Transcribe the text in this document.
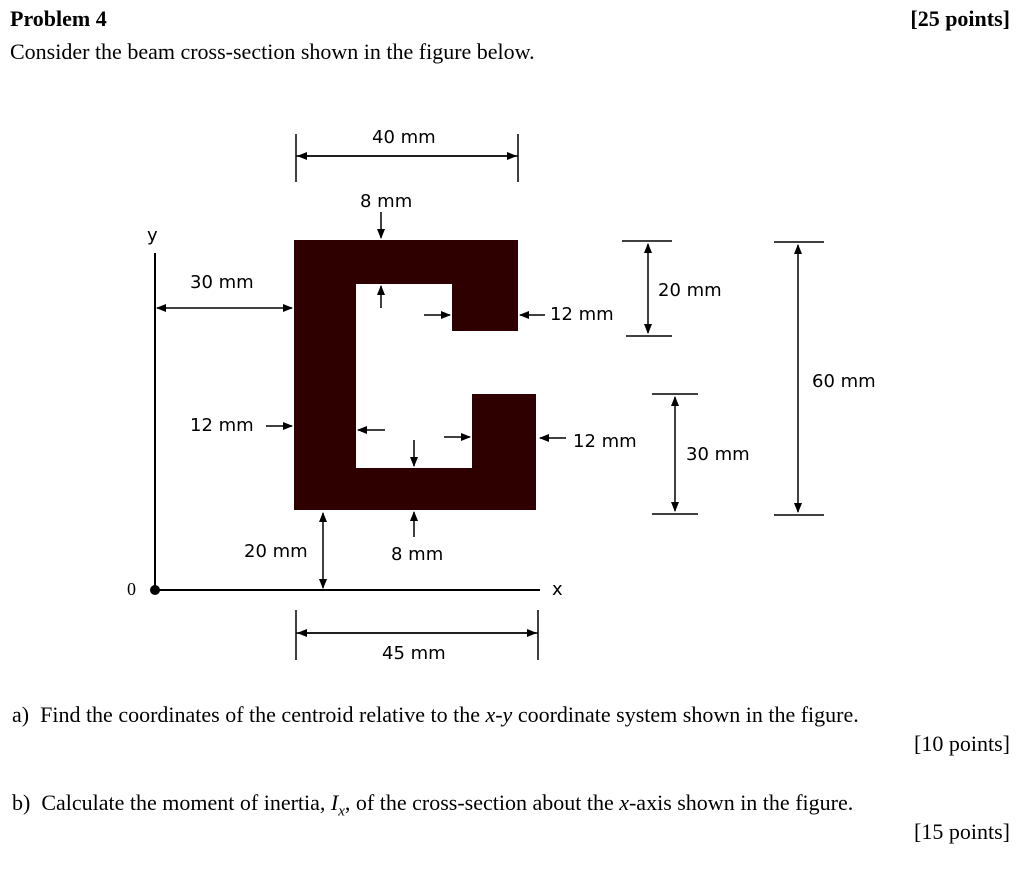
Problem 4	[25 points]
Consider the beam cross-section shown in the figure below.
40 mm
8 mm
y
30 mm
12 mm
20 mm
60 mm
12 mm
12 mm
30 mm
20 mm	8 mm
0	x
45 mm
a) Find the coordinates of the centroid relative to the x-y coordinate system shown in the figure.
[10 points]
b) Calculate the moment of inertia, $I_x$, of the cross-section about the x-axis shown in the figure.
[15 points]
